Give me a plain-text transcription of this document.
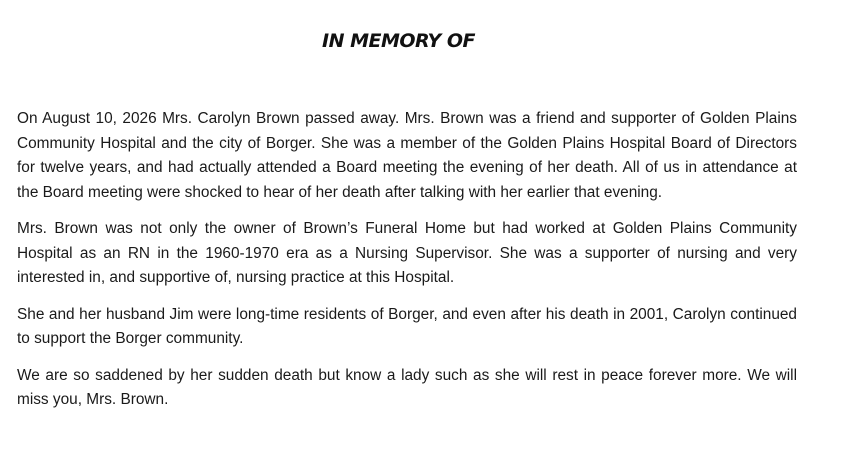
IN MEMORY OF

On August 10, 2026 Mrs. Carolyn Brown passed away. Mrs. Brown was a friend and supporter of Golden Plains Community Hospital and the city of Borger. She was a member of the Golden Plains Hospital Board of Directors for twelve years, and had actually attended a Board meeting the evening of her death. All of us in attendance at the Board meeting were shocked to hear of her death after talking with her earlier that evening.

Mrs. Brown was not only the owner of Brown’s Funeral Home but had worked at Golden Plains Community Hospital as an RN in the 1960-1970 era as a Nursing Supervisor. She was a supporter of nursing and very interested in, and supportive of, nursing practice at this Hospital.

She and her husband Jim were long-time residents of Borger, and even after his death in 2001, Carolyn continued to support the Borger community.

We are so saddened by her sudden death but know a lady such as she will rest in peace forever more. We will miss you, Mrs. Brown.
